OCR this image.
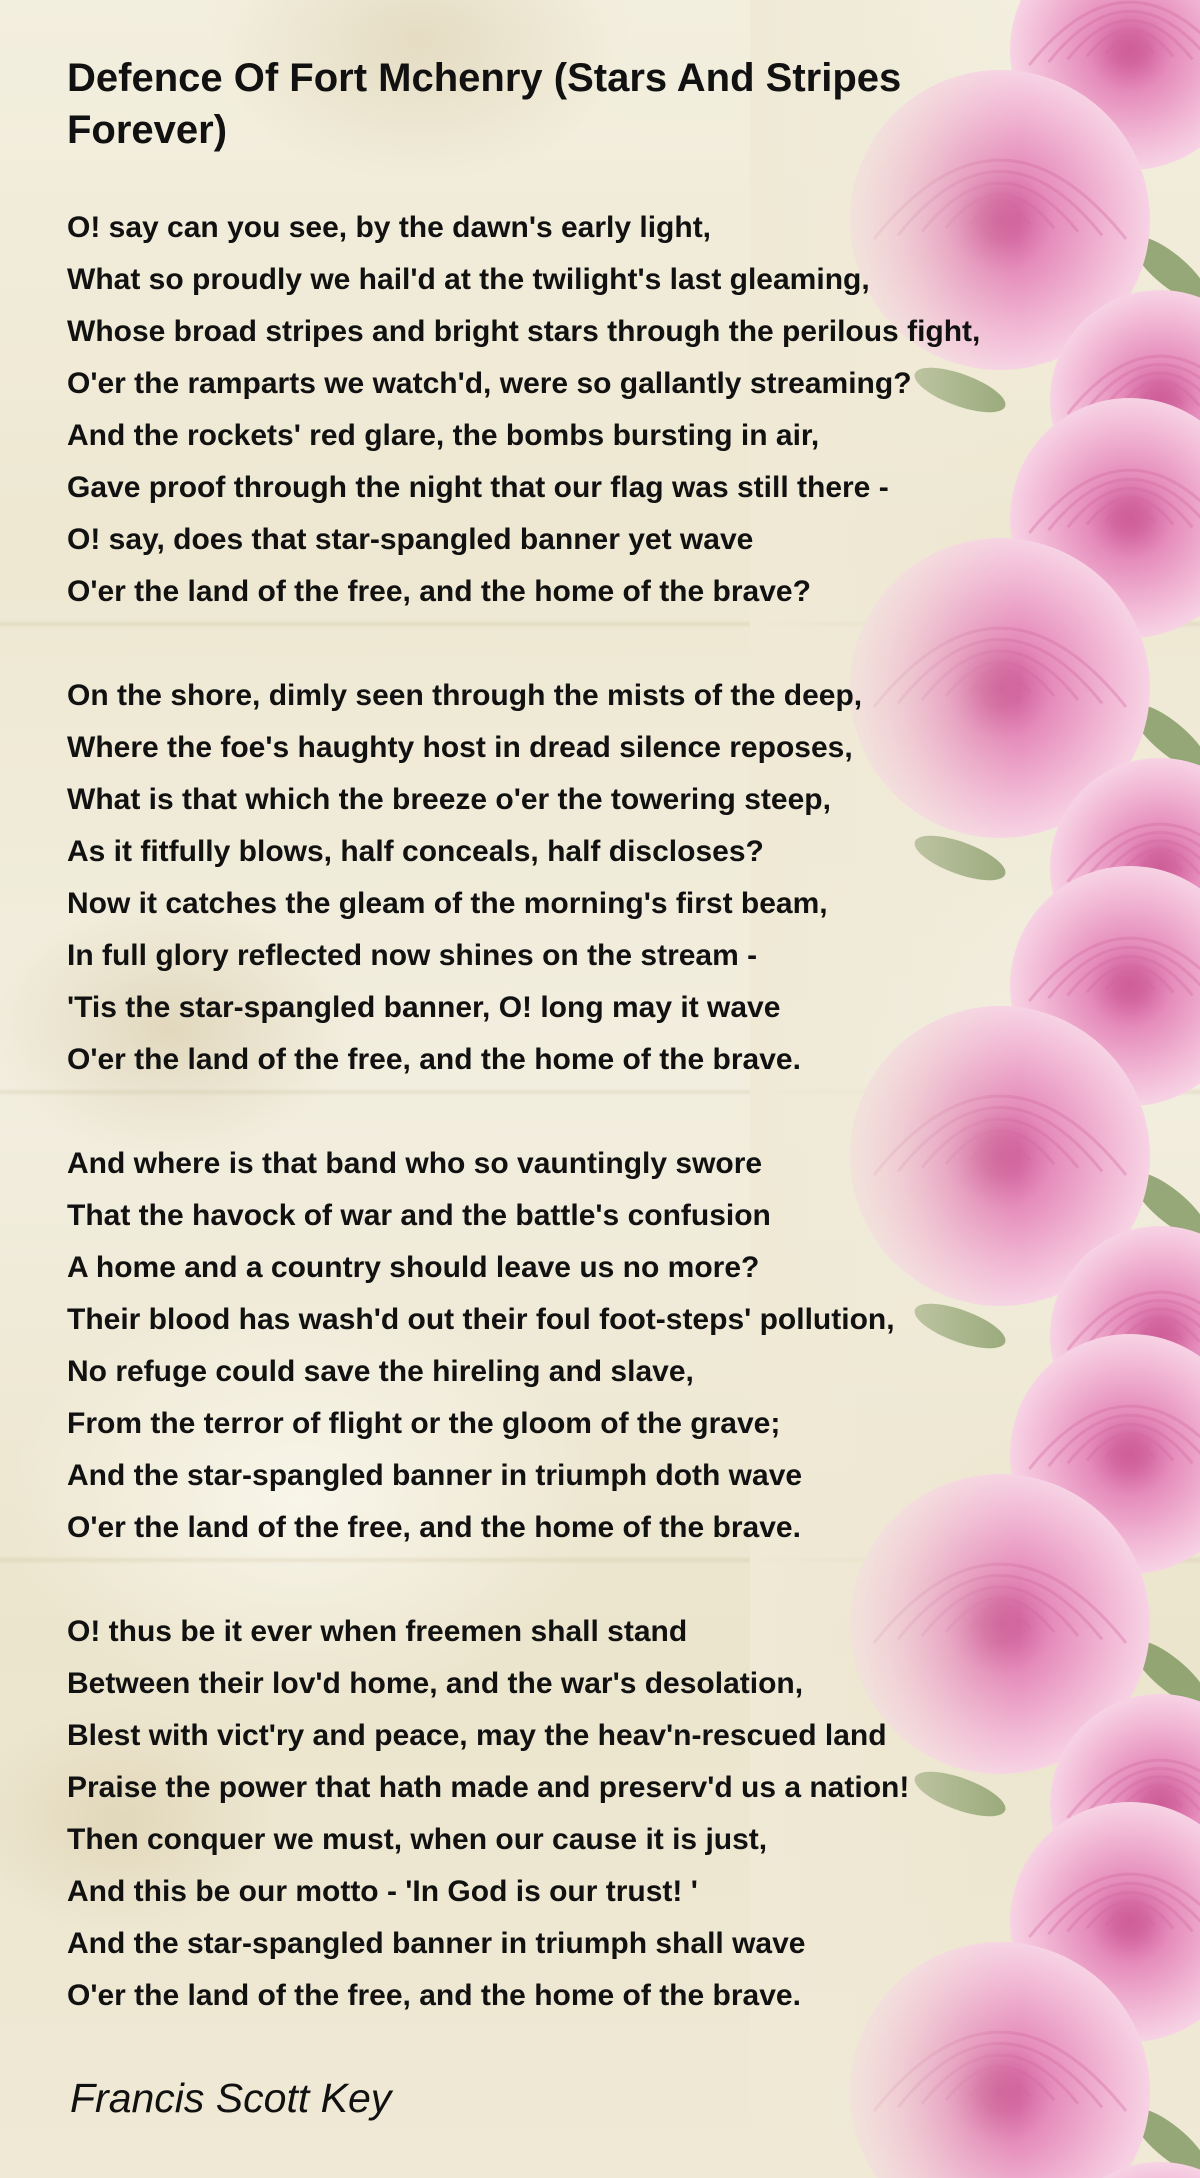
Defence Of Fort Mchenry (Stars And Stripes Forever)
O! say can you see, by the dawn's early light,
What so proudly we hail'd at the twilight's last gleaming,
Whose broad stripes and bright stars through the perilous fight,
O'er the ramparts we watch'd, were so gallantly streaming?
And the rockets' red glare, the bombs bursting in air,
Gave proof through the night that our flag was still there -
O! say, does that star-spangled banner yet wave
O'er the land of the free, and the home of the brave?
On the shore, dimly seen through the mists of the deep,
Where the foe's haughty host in dread silence reposes,
What is that which the breeze o'er the towering steep,
As it fitfully blows, half conceals, half discloses?
Now it catches the gleam of the morning's first beam,
In full glory reflected now shines on the stream -
'Tis the star-spangled banner, O! long may it wave
O'er the land of the free, and the home of the brave.
And where is that band who so vauntingly swore
That the havock of war and the battle's confusion
A home and a country should leave us no more?
Their blood has wash'd out their foul foot-steps' pollution,
No refuge could save the hireling and slave,
From the terror of flight or the gloom of the grave;
And the star-spangled banner in triumph doth wave
O'er the land of the free, and the home of the brave.
O! thus be it ever when freemen shall stand
Between their lov'd home, and the war's desolation,
Blest with vict'ry and peace, may the heav'n-rescued land
Praise the power that hath made and preserv'd us a nation!
Then conquer we must, when our cause it is just,
And this be our motto - 'In God is our trust! '
And the star-spangled banner in triumph shall wave
O'er the land of the free, and the home of the brave.
Francis Scott Key
